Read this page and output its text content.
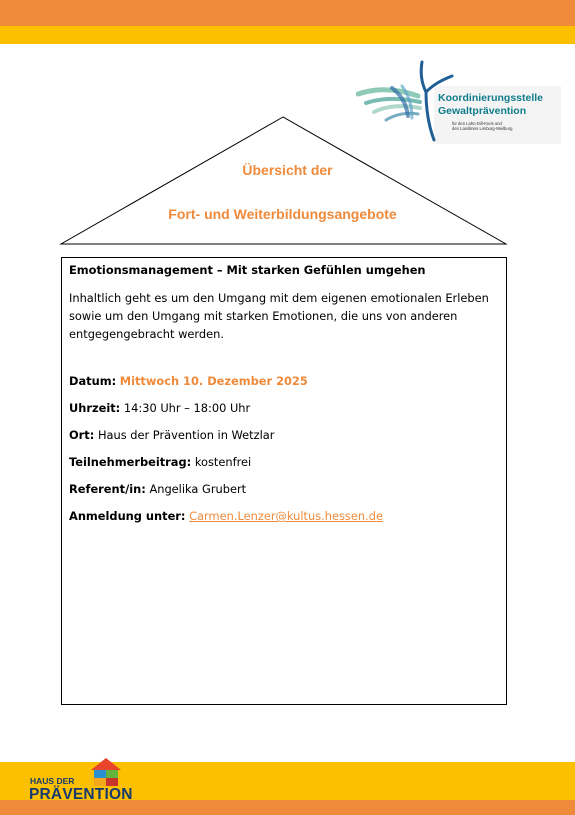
Koordinierungsstelle
Gewaltprävention
für den Lahn-Dill-Kreis und
den Landkreis Limburg-Weilburg

Übersicht der

Fort- und Weiterbildungsangebote

Emotionsmanagement – Mit starken Gefühlen umgehen

Inhaltlich geht es um den Umgang mit dem eigenen emotionalen Erleben sowie um den Umgang mit starken Emotionen, die uns von anderen entgegengebracht werden.

Datum: Mittwoch 10. Dezember 2025

Uhrzeit: 14:30 Uhr – 18:00 Uhr

Ort: Haus der Prävention in Wetzlar

Teilnehmerbeitrag: kostenfrei

Referent/in: Angelika Grubert

Anmeldung unter: Carmen.Lenzer@kultus.hessen.de

HAUS DER
PRÄVENTION
